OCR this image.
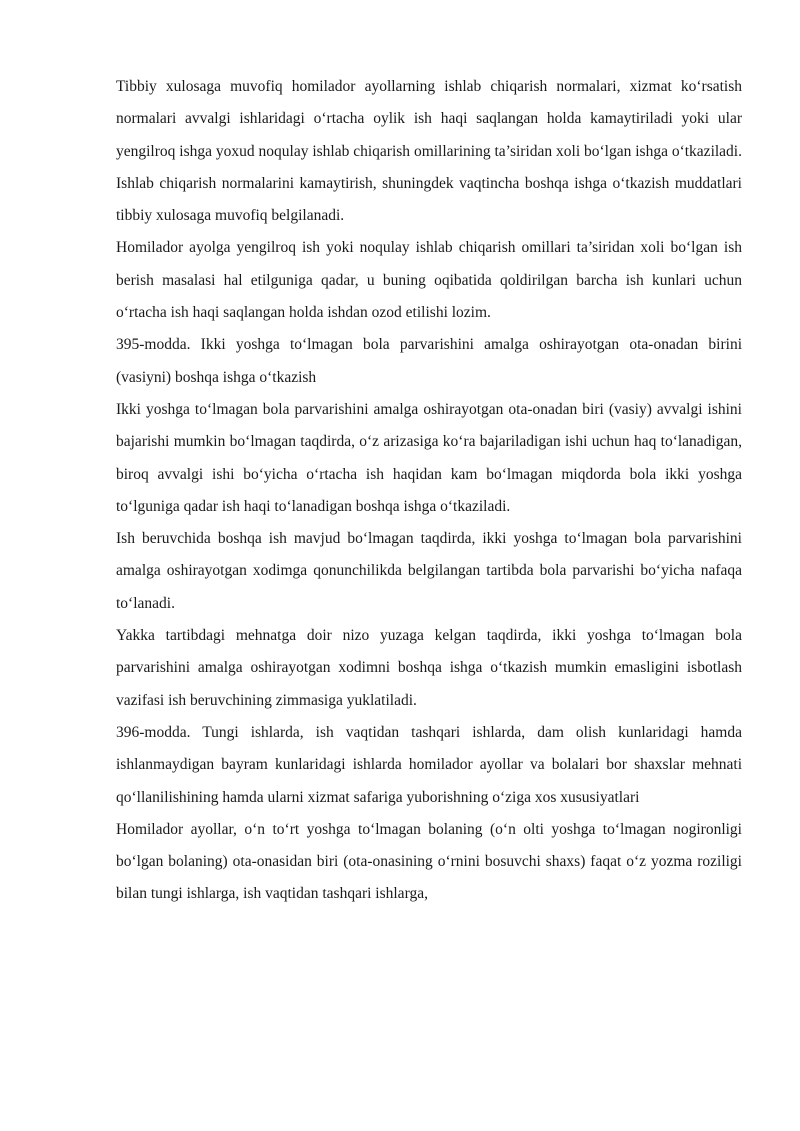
Tibbiy xulosaga muvofiq homilador ayollarning ishlab chiqarish normalari, xizmat ko‘rsatish normalari avvalgi ishlaridagi o‘rtacha oylik ish haqi saqlangan holda kamaytiriladi yoki ular yengilroq ishga yoxud noqulay ishlab chiqarish omillarining ta’siridan xoli bo‘lgan ishga o‘tkaziladi. Ishlab chiqarish normalarini kamaytirish, shuningdek vaqtincha boshqa ishga o‘tkazish muddatlari tibbiy xulosaga muvofiq belgilanadi.

Homilador ayolga yengilroq ish yoki noqulay ishlab chiqarish omillari ta’siridan xoli bo‘lgan ish berish masalasi hal etilguniga qadar, u buning oqibatida qoldirilgan barcha ish kunlari uchun o‘rtacha ish haqi saqlangan holda ishdan ozod etilishi lozim.

395-modda. Ikki yoshga to‘lmagan bola parvarishini amalga oshirayotgan ota-onadan birini (vasiyni) boshqa ishga o‘tkazish

Ikki yoshga to‘lmagan bola parvarishini amalga oshirayotgan ota-onadan biri (vasiy) avvalgi ishini bajarishi mumkin bo‘lmagan taqdirda, o‘z arizasiga ko‘ra bajariladigan ishi uchun haq to‘lanadigan, biroq avvalgi ishi bo‘yicha o‘rtacha ish haqidan kam bo‘lmagan miqdorda bola ikki yoshga to‘lguniga qadar ish haqi to‘lanadigan boshqa ishga o‘tkaziladi.

Ish beruvchida boshqa ish mavjud bo‘lmagan taqdirda, ikki yoshga to‘lmagan bola parvarishini amalga oshirayotgan xodimga qonunchilikda belgilangan tartibda bola parvarishi bo‘yicha nafaqa to‘lanadi.

Yakka tartibdagi mehnatga doir nizo yuzaga kelgan taqdirda, ikki yoshga to‘lmagan bola parvarishini amalga oshirayotgan xodimni boshqa ishga o‘tkazish mumkin emasligini isbotlash vazifasi ish beruvchining zimmasiga yuklatiladi.

396-modda. Tungi ishlarda, ish vaqtidan tashqari ishlarda, dam olish kunlaridagi hamda ishlanmaydigan bayram kunlaridagi ishlarda homilador ayollar va bolalari bor shaxslar mehnati qo‘llanilishining hamda ularni xizmat safariga yuborishning o‘ziga xos xususiyatlari

Homilador ayollar, o‘n to‘rt yoshga to‘lmagan bolaning (o‘n olti yoshga to‘lmagan nogironligi bo‘lgan bolaning) ota-onasidan biri (ota-onasining o‘rnini bosuvchi shaxs) faqat o‘z yozma roziligi bilan tungi ishlarga, ish vaqtidan tashqari ishlarga,
